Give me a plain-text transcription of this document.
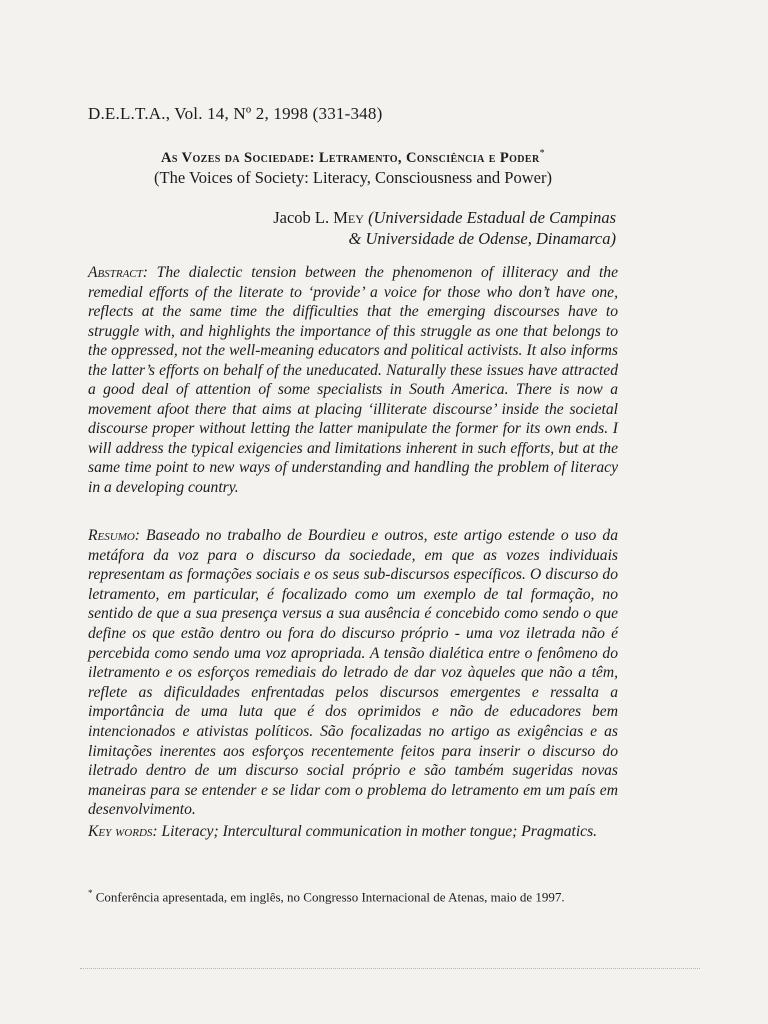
D.E.L.T.A., Vol. 14, Nº 2, 1998 (331-348)
As Vozes da Sociedade: Letramento, Consciência e Poder*
(The Voices of Society: Literacy, Consciousness and Power)
Jacob L. Mey (Universidade Estadual de Campinas
& Universidade de Odense, Dinamarca)

Abstract: The dialectic tension between the phenomenon of illiteracy and the remedial efforts of the literate to ‘provide’ a voice for those who don’t have one, reflects at the same time the difficulties that the emerging discourses have to struggle with, and highlights the importance of this struggle as one that belongs to the oppressed, not the well-meaning educators and political activists. It also informs the latter’s efforts on behalf of the uneducated. Naturally these issues have attracted a good deal of attention of some specialists in South America. There is now a movement afoot there that aims at placing ‘illiterate discourse’ inside the societal discourse proper without letting the latter manipulate the former for its own ends. I will address the typical exigencies and limitations inherent in such efforts, but at the same time point to new ways of understanding and handling the problem of literacy in a developing country.

Resumo: Baseado no trabalho de Bourdieu e outros, este artigo estende o uso da metáfora da voz para o discurso da sociedade, em que as vozes individuais representam as formações sociais e os seus sub-discursos específicos. O discurso do letramento, em particular, é focalizado como um exemplo de tal formação, no sentido de que a sua presença versus a sua ausência é concebido como sendo o que define os que estão dentro ou fora do discurso próprio - uma voz iletrada não é percebida como sendo uma voz apropriada. A tensão dialética entre o fenômeno do iletramento e os esforços remediais do letrado de dar voz àqueles que não a têm, reflete as dificuldades enfrentadas pelos discursos emergentes e ressalta a importância de uma luta que é dos oprimidos e não de educadores bem intencionados e ativistas políticos. São focalizadas no artigo as exigências e as limitações inerentes aos esforços recentemente feitos para inserir o discurso do iletrado dentro de um discurso social próprio e são também sugeridas novas maneiras para se entender e se lidar com o problema do letramento em um país em desenvolvimento.

Key words: Literacy; Intercultural communication in mother tongue; Pragmatics.

* Conferência apresentada, em inglês, no Congresso Internacional de Atenas, maio de 1997.
